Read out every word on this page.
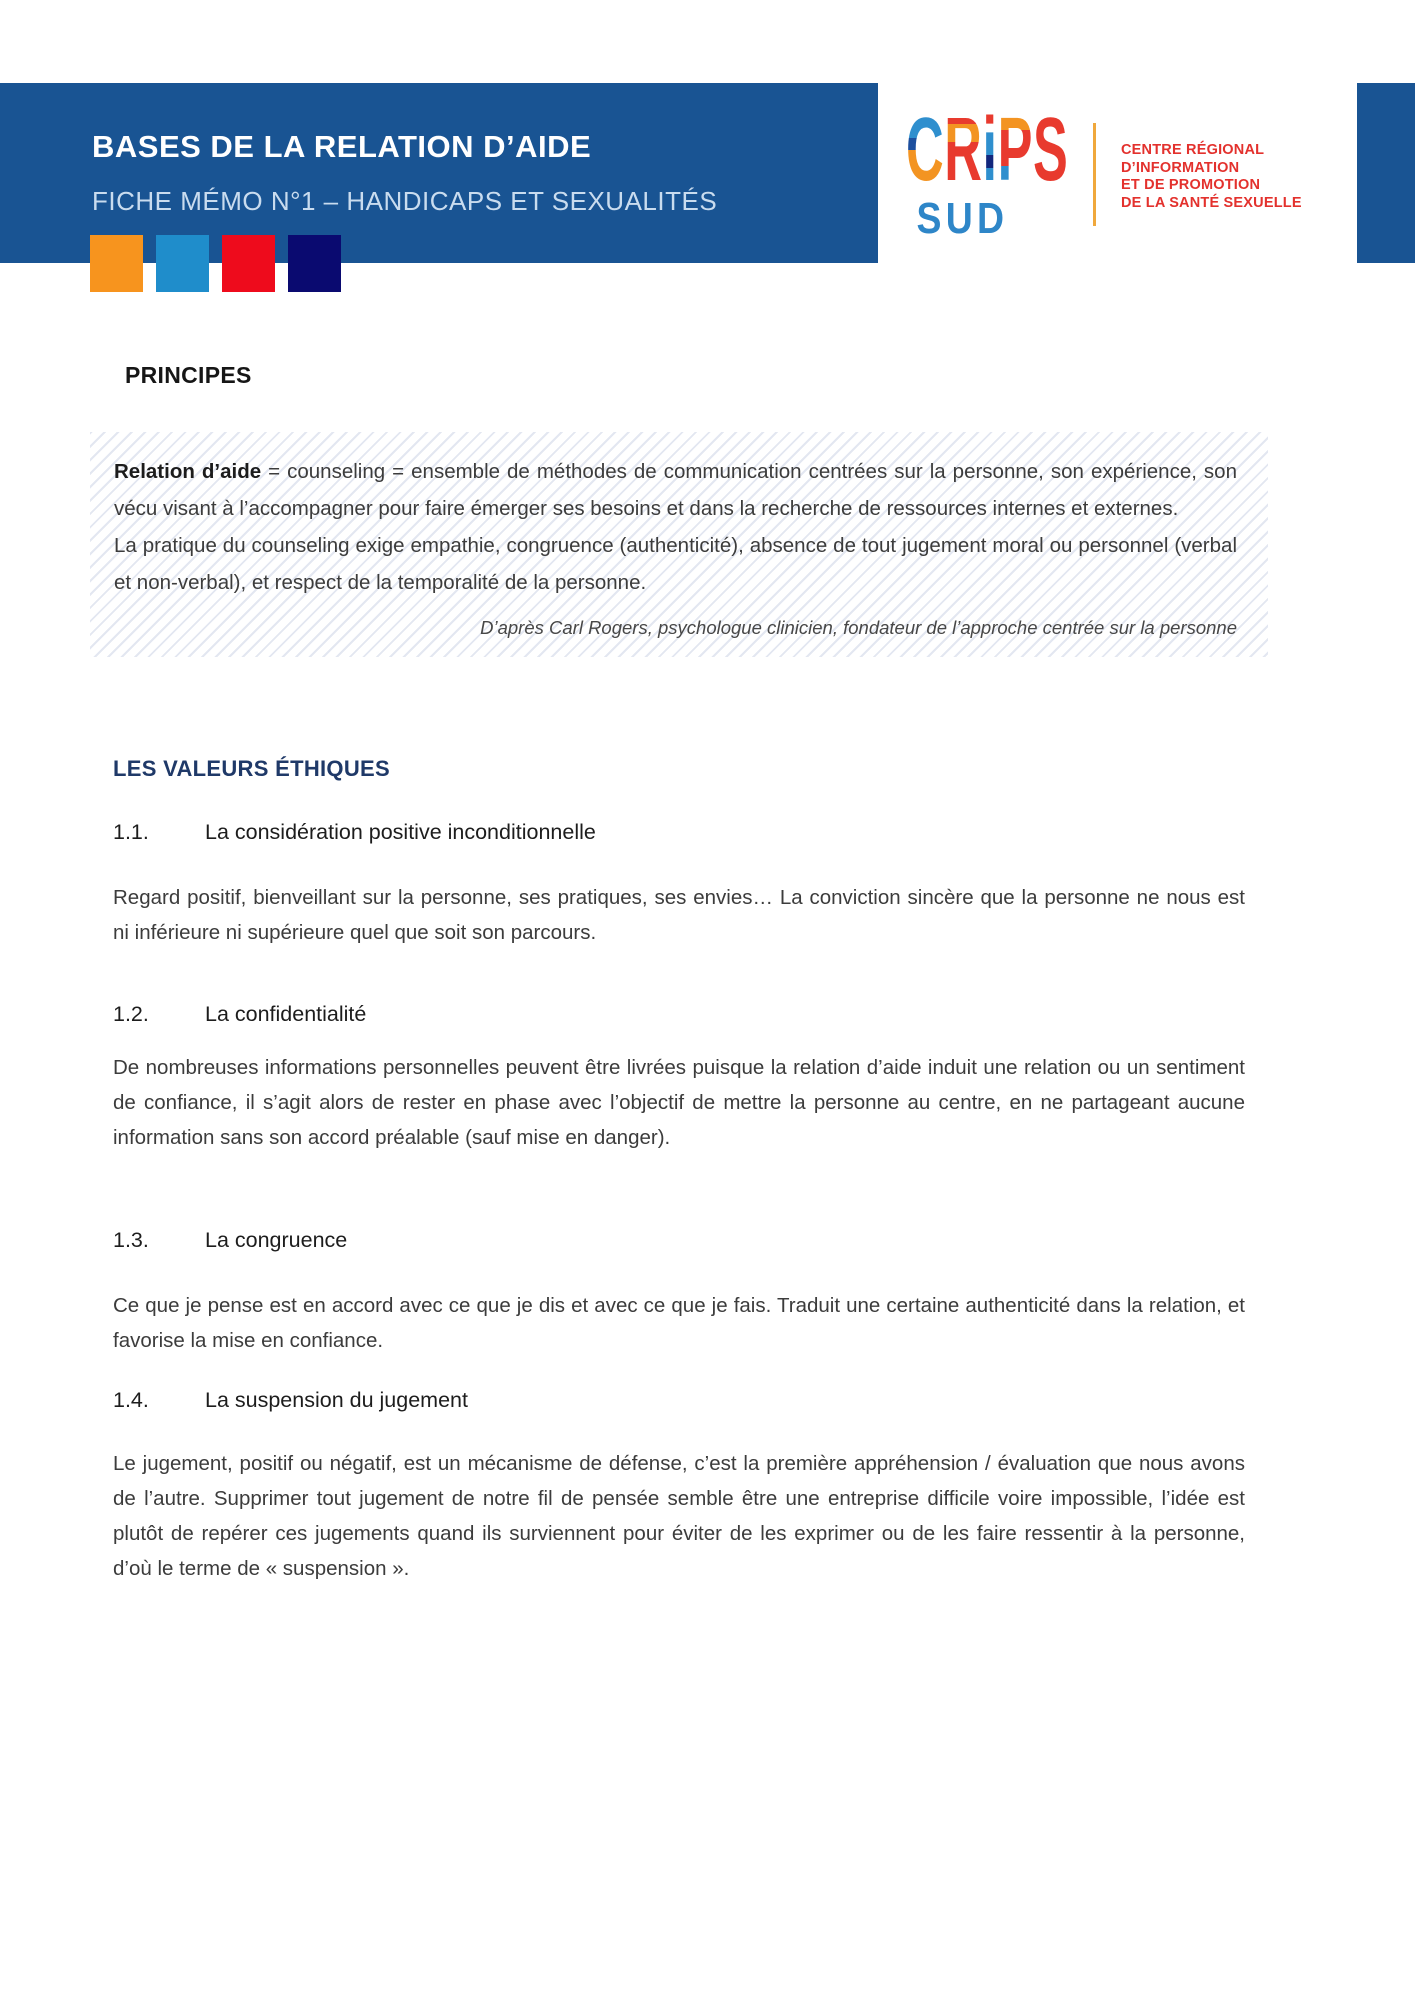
BASES DE LA RELATION D’AIDE
FICHE MÉMO N°1 – HANDICAPS ET SEXUALITÉS
CRiPS
SUD
CENTRE RÉGIONAL
D’INFORMATION
ET DE PROMOTION
DE LA SANTÉ SEXUELLE
PRINCIPES

Relation d’aide = counseling = ensemble de méthodes de communication centrées sur la personne, son expérience, son vécu visant à l’accompagner pour faire émerger ses besoins et dans la recherche de ressources internes et externes.

La pratique du counseling exige empathie, congruence (authenticité), absence de tout jugement moral ou personnel (verbal et non-verbal), et respect de la temporalité de la personne.

D’après Carl Rogers, psychologue clinicien, fondateur de l’approche centrée sur la personne

LES VALEURS ÉTHIQUES
1.1.	La considération positive inconditionnelle

Regard positif, bienveillant sur la personne, ses pratiques, ses envies… La conviction sincère que la personne ne nous est ni inférieure ni supérieure quel que soit son parcours.

1.2.	La confidentialité

De nombreuses informations personnelles peuvent être livrées puisque la relation d’aide induit une relation ou un sentiment de confiance, il s’agit alors de rester en phase avec l’objectif de mettre la personne au centre, en ne partageant aucune information sans son accord préalable (sauf mise en danger).

1.3.	La congruence

Ce que je pense est en accord avec ce que je dis et avec ce que je fais. Traduit une certaine authenticité dans la relation, et favorise la mise en confiance.

1.4.	La suspension du jugement

Le jugement, positif ou négatif, est un mécanisme de défense, c’est la première appréhension / évaluation que nous avons de l’autre. Supprimer tout jugement de notre fil de pensée semble être une entreprise difficile voire impossible, l’idée est plutôt de repérer ces jugements quand ils surviennent pour éviter de les exprimer ou de les faire ressentir à la personne, d’où le terme de « suspension ».
